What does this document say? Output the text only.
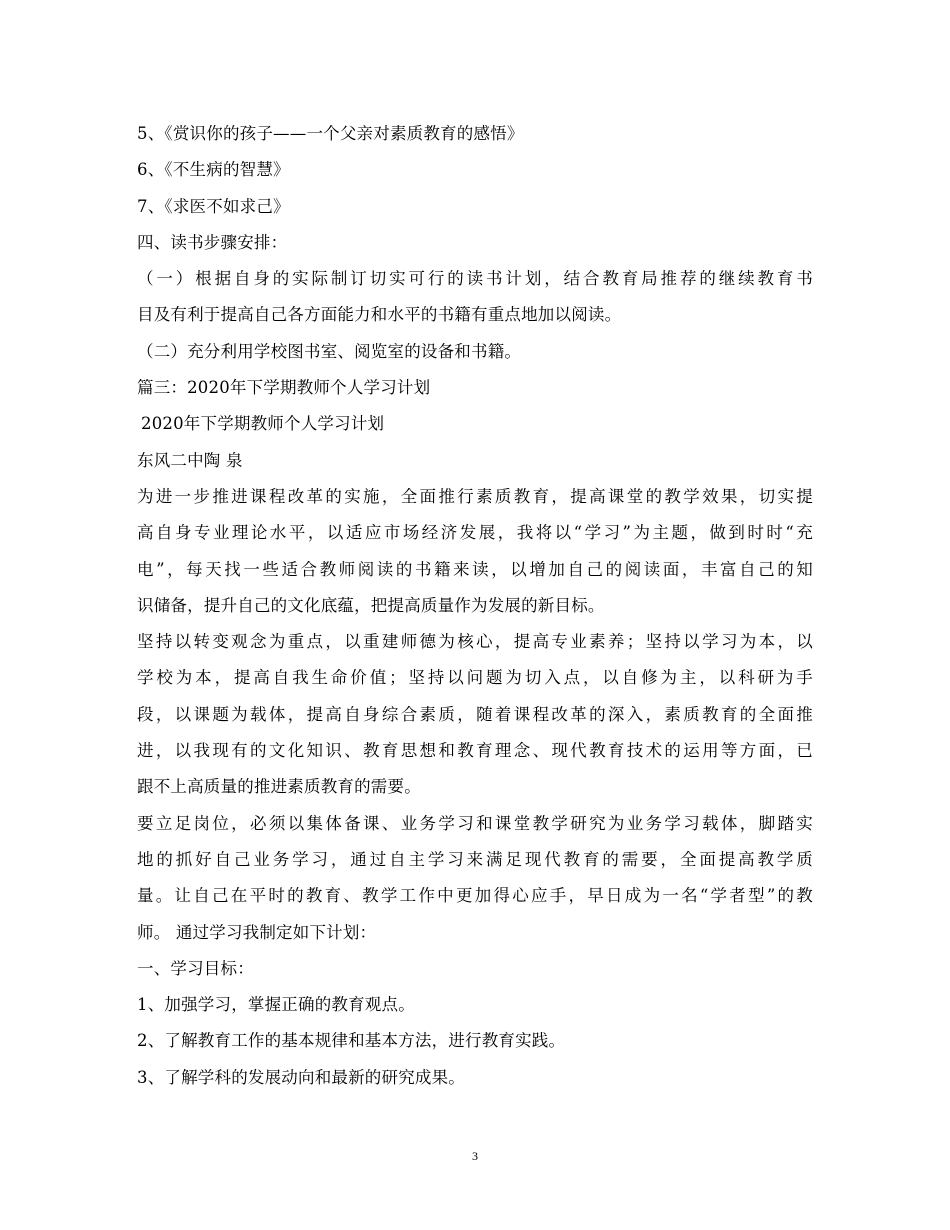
5、《赏识你的孩子——一个父亲对素质教育的感悟》
6、《不生病的智慧》
7、《求医不如求己》
四、读书步骤安排：
（一）根据自身的实际制订切实可行的读书计划，结合教育局推荐的继续教育书
目及有利于提高自己各方面能力和水平的书籍有重点地加以阅读。
（二）充分利用学校图书室、阅览室的设备和书籍。
篇三：2020年下学期教师个人学习计划
2020年下学期教师个人学习计划
东风二中陶 泉
为进一步推进课程改革的实施，全面推行素质教育，提高课堂的教学效果，切实提
高自身专业理论水平，以适应市场经济发展，我将以“学习”为主题，做到时时“充
电”，每天找一些适合教师阅读的书籍来读，以增加自己的阅读面，丰富自己的知
识储备，提升自己的文化底蕴，把提高质量作为发展的新目标。
坚持以转变观念为重点，以重建师德为核心，提高专业素养；坚持以学习为本，以
学校为本，提高自我生命价值；坚持以问题为切入点，以自修为主，以科研为手
段，以课题为载体，提高自身综合素质，随着课程改革的深入，素质教育的全面推
进，以我现有的文化知识、教育思想和教育理念、现代教育技术的运用等方面，已
跟不上高质量的推进素质教育的需要。
要立足岗位，必须以集体备课、业务学习和课堂教学研究为业务学习载体，脚踏实
地的抓好自己业务学习，通过自主学习来满足现代教育的需要，全面提高教学质
量。让自己在平时的教育、教学工作中更加得心应手，早日成为一名“学者型”的教
师。 通过学习我制定如下计划：
一、学习目标：
1、加强学习，掌握正确的教育观点。
2、了解教育工作的基本规律和基本方法，进行教育实践。
3、了解学科的发展动向和最新的研究成果。
3
